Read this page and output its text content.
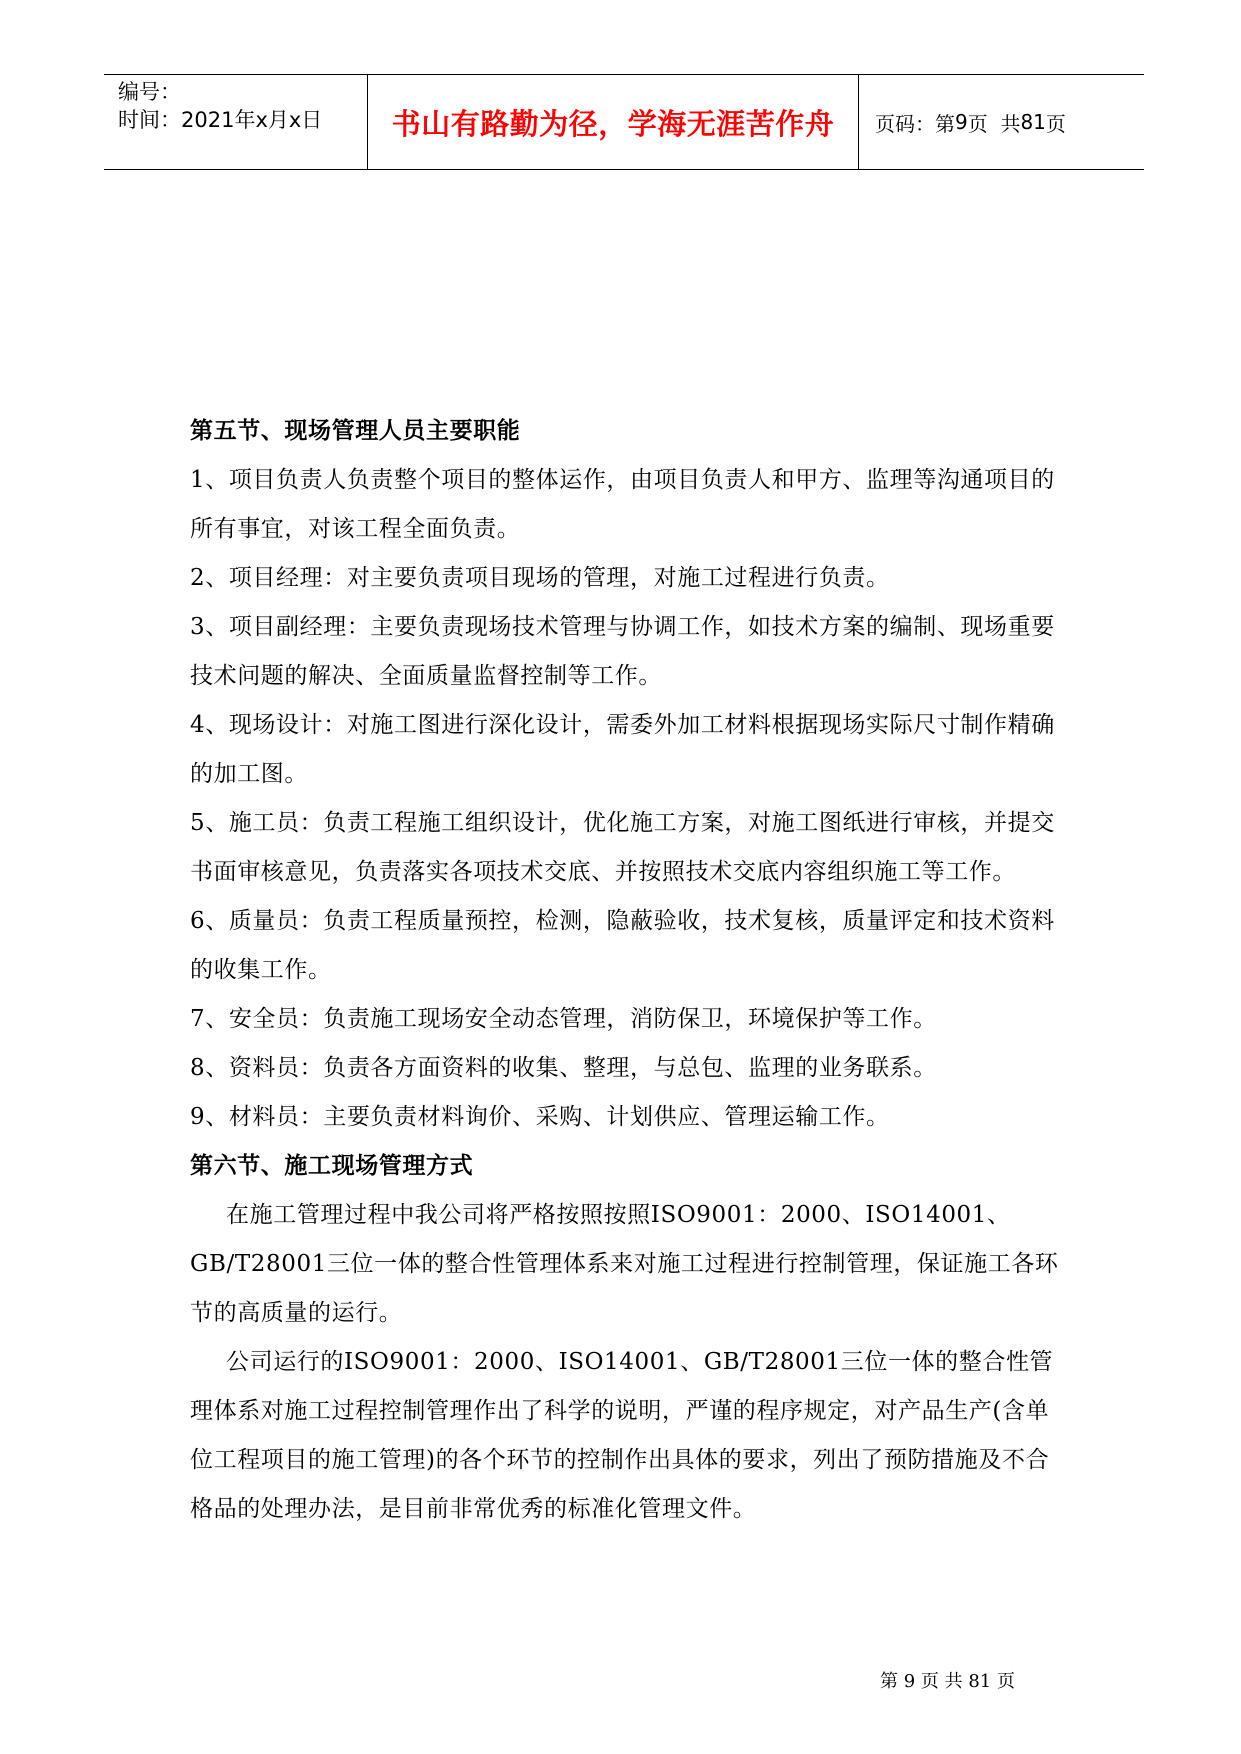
编号：
时间：2021年x月x日	书山有路勤为径，学海无涯苦作舟	页码：第 9 页  共 81 页
第五节、现场管理人员主要职能

1、项目负责人负责整个项目的整体运作，由项目负责人和甲方、监理等沟通项目的所有事宜，对该工程全面负责。

2、项目经理：对主要负责项目现场的管理，对施工过程进行负责。

3、项目副经理：主要负责现场技术管理与协调工作，如技术方案的编制、现场重要技术问题的解决、全面质量监督控制等工作。

4、现场设计：对施工图进行深化设计，需委外加工材料根据现场实际尺寸制作精确的加工图。

5、施工员：负责工程施工组织设计，优化施工方案，对施工图纸进行审核，并提交书面审核意见，负责落实各项技术交底、并按照技术交底内容组织施工等工作。

6、质量员：负责工程质量预控，检测，隐蔽验收，技术复核，质量评定和技术资料的收集工作。

7、安全员：负责施工现场安全动态管理，消防保卫，环境保护等工作。

8、资料员：负责各方面资料的收集、整理，与总包、监理的业务联系。

9、材料员：主要负责材料询价、采购、计划供应、管理运输工作。

第六节、施工现场管理方式

在施工管理过程中我公司将严格按照按照ISO9001：2000、ISO14001、GB/T28001三位一体的整合性管理体系来对施工过程进行控制管理，保证施工各环节的高质量的运行。

公司运行的ISO9001：2000、ISO14001、GB/T28001三位一体的整合性管理体系对施工过程控制管理作出了科学的说明，严谨的程序规定，对产品生产(含单位工程项目的施工管理)的各个环节的控制作出具体的要求，列出了预防措施及不合格品的处理办法，是目前非常优秀的标准化管理文件。

第 9 页 共 81 页
